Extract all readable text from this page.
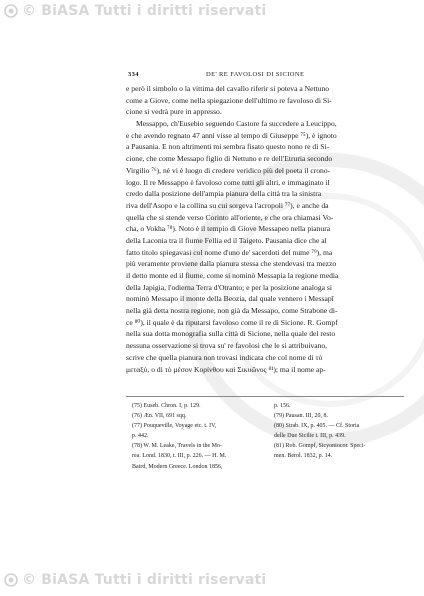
© BiASA Tutti i diritti riservati
334	DE' RE FAVOLOSI DI SICIONE
e però il simbolo o la vittima del cavallo riferir si poteva a Nettuno
come a Giove, come nella spiegazione dell'ultimo re favoloso di Si-
cione si vedrà pure in appresso.
Messappo, ch'Eusebio seguendo Castore fa succedere a Leucippo,
e che avendo regnato 47 anni visse al tempo di Giuseppe ⁷⁵), è ignoto
a Pausania. E non altrimenti mi sembra fisato questo nono re di Si-
cione, che come Messapo figlio di Nettuno e re dell'Etruria secondo
Virgilio ⁷⁶), nè vi è luogo di credere veridico più del poeta il crono-
logo. Il re Messappo è favoloso come tutti gli altri, e immaginato il
credo dalla posizione dell'ampia pianura della città tra la sinistra
riva dell'Asopo e la collina su cui sorgeva l'acropoli ⁷⁷), e anche da
quella che si stende verso Corinto all'oriente, e che ora chiamasi Vo-
cha, o Vokha ⁷⁸). Noto è il tempio di Giove Messapeo nella pianura
della Laconia tra il fiume Fellia ed il Taigeto. Pausania dice che al
fatto titolo spiegavasi col nome d'uno de' sacerdoti del nume ⁷⁹), ma
più veramente proviene dalla pianura stessa che stendevasi tra mezzo
il detto monte ed il fiume, come si nominò Messapia la regione media
della Japigia, l'odierna Terra d'Otranto; e per la posizione analoga si
nominò Messapo il monte della Beozia, dal quale vennero i Messapî
nella già detta nostra regione, non già da Messapo, come Strabone di-
ce ⁸⁰), il quale è da riputarsi favoloso come il re di Sicione. R. Gompf
nella sua dotta monografia sulla città di Sicione, nella quale del resto
nessuna osservazione si trova su' re favolosi che le si attribuivano,
scrive che quella pianura non trovasi indicata che col nome di τὸ
μεταξύ, o di τὸ μέσον Κορίνθου καὶ Σικυῶνος ⁸¹); ma il nome ap-
(75) Euseb. Chron. I, p. 129.
(76) Æn. VII, 691 sqq.
(77) Pouqueville, Voyage etc. t. IV,
p. 442.
(78) W. M. Leake, Travels in the Mo-
rea. Lond. 1830, t. III, p. 226. — H. M.
Baird, Modern Greece. London 1856,
p. 156.
(79) Pausan. III, 20, 8.
(80) Strab. IX, p. 405. — Cf. Storia
delle Due Sicilie t. III, p. 439.
(81) Rob. Gompf, Sicyoniocor. Speci-
men. Berol. 1832, p. 14.
© BiASA Tutti i diritti riservati
